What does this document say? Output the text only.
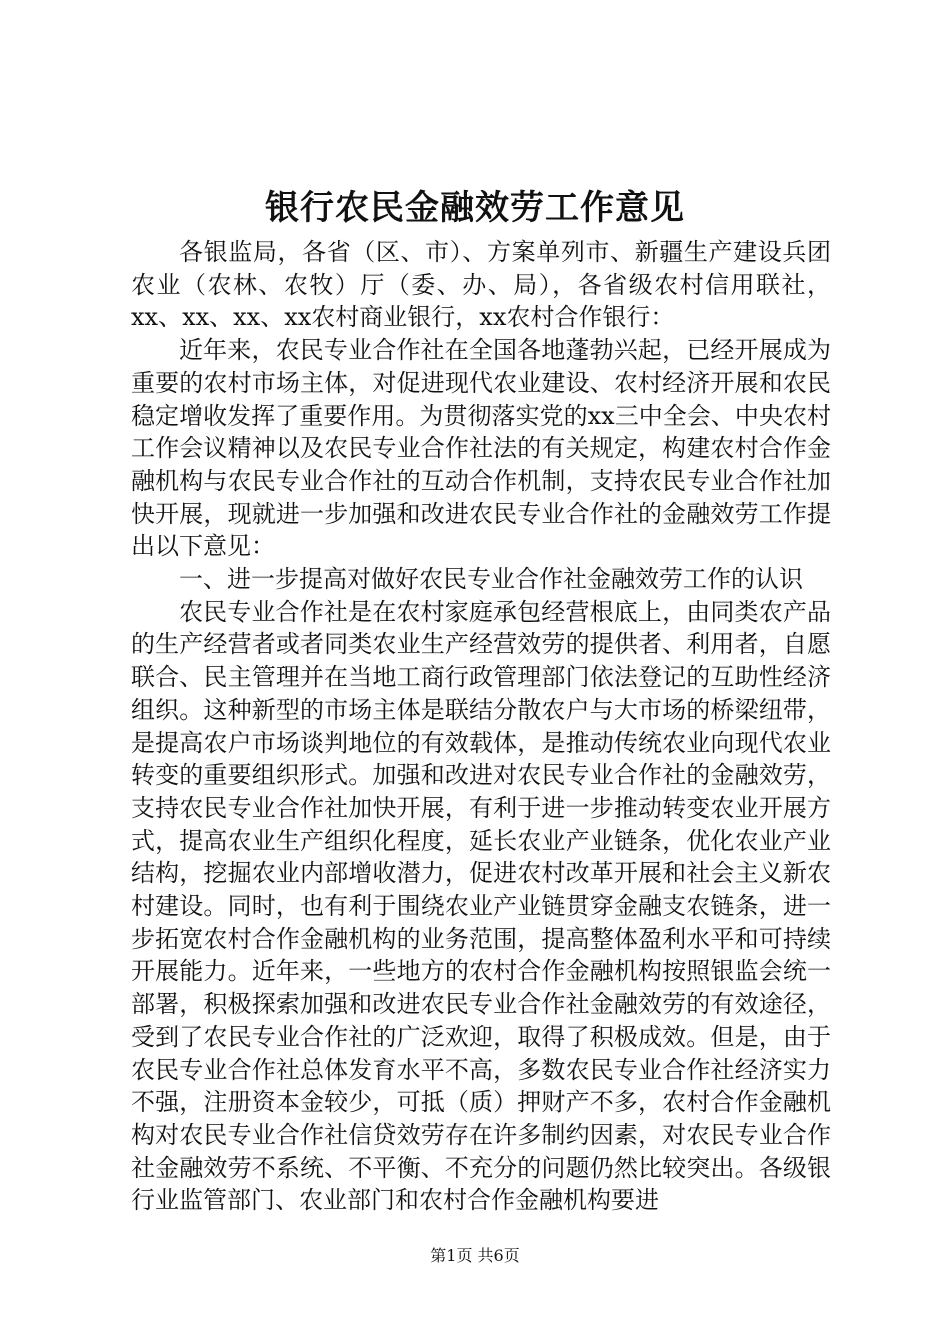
银行农民金融效劳工作意见

各银监局，各省（区、市）、方案单列市、新疆生产建设兵团农业（农林、农牧）厅（委、办、局），各省级农村信用联社，xx、xx、xx、xx农村商业银行，xx农村合作银行：

近年来，农民专业合作社在全国各地蓬勃兴起，已经开展成为重要的农村市场主体，对促进现代农业建设、农村经济开展和农民稳定增收发挥了重要作用。为贯彻落实党的xx三中全会、中央农村工作会议精神以及农民专业合作社法的有关规定，构建农村合作金融机构与农民专业合作社的互动合作机制，支持农民专业合作社加快开展，现就进一步加强和改进农民专业合作社的金融效劳工作提出以下意见：

一、进一步提高对做好农民专业合作社金融效劳工作的认识

农民专业合作社是在农村家庭承包经营根底上，由同类农产品的生产经营者或者同类农业生产经营效劳的提供者、利用者，自愿联合、民主管理并在当地工商行政管理部门依法登记的互助性经济组织。这种新型的市场主体是联结分散农户与大市场的桥梁纽带，是提高农户市场谈判地位的有效载体，是推动传统农业向现代农业转变的重要组织形式。加强和改进对农民专业合作社的金融效劳，支持农民专业合作社加快开展，有利于进一步推动转变农业开展方式，提高农业生产组织化程度，延长农业产业链条，优化农业产业结构，挖掘农业内部增收潜力，促进农村改革开展和社会主义新农村建设。同时，也有利于围绕农业产业链贯穿金融支农链条，进一步拓宽农村合作金融机构的业务范围，提高整体盈利水平和可持续开展能力。近年来，一些地方的农村合作金融机构按照银监会统一部署，积极探索加强和改进农民专业合作社金融效劳的有效途径，受到了农民专业合作社的广泛欢迎，取得了积极成效。但是，由于农民专业合作社总体发育水平不高，多数农民专业合作社经济实力不强，注册资本金较少，可抵（质）押财产不多，农村合作金融机构对农民专业合作社信贷效劳存在许多制约因素，对农民专业合作社金融效劳不系统、不平衡、不充分的问题仍然比较突出。各级银行业监管部门、农业部门和农村合作金融机构要进

第1页 共6页
